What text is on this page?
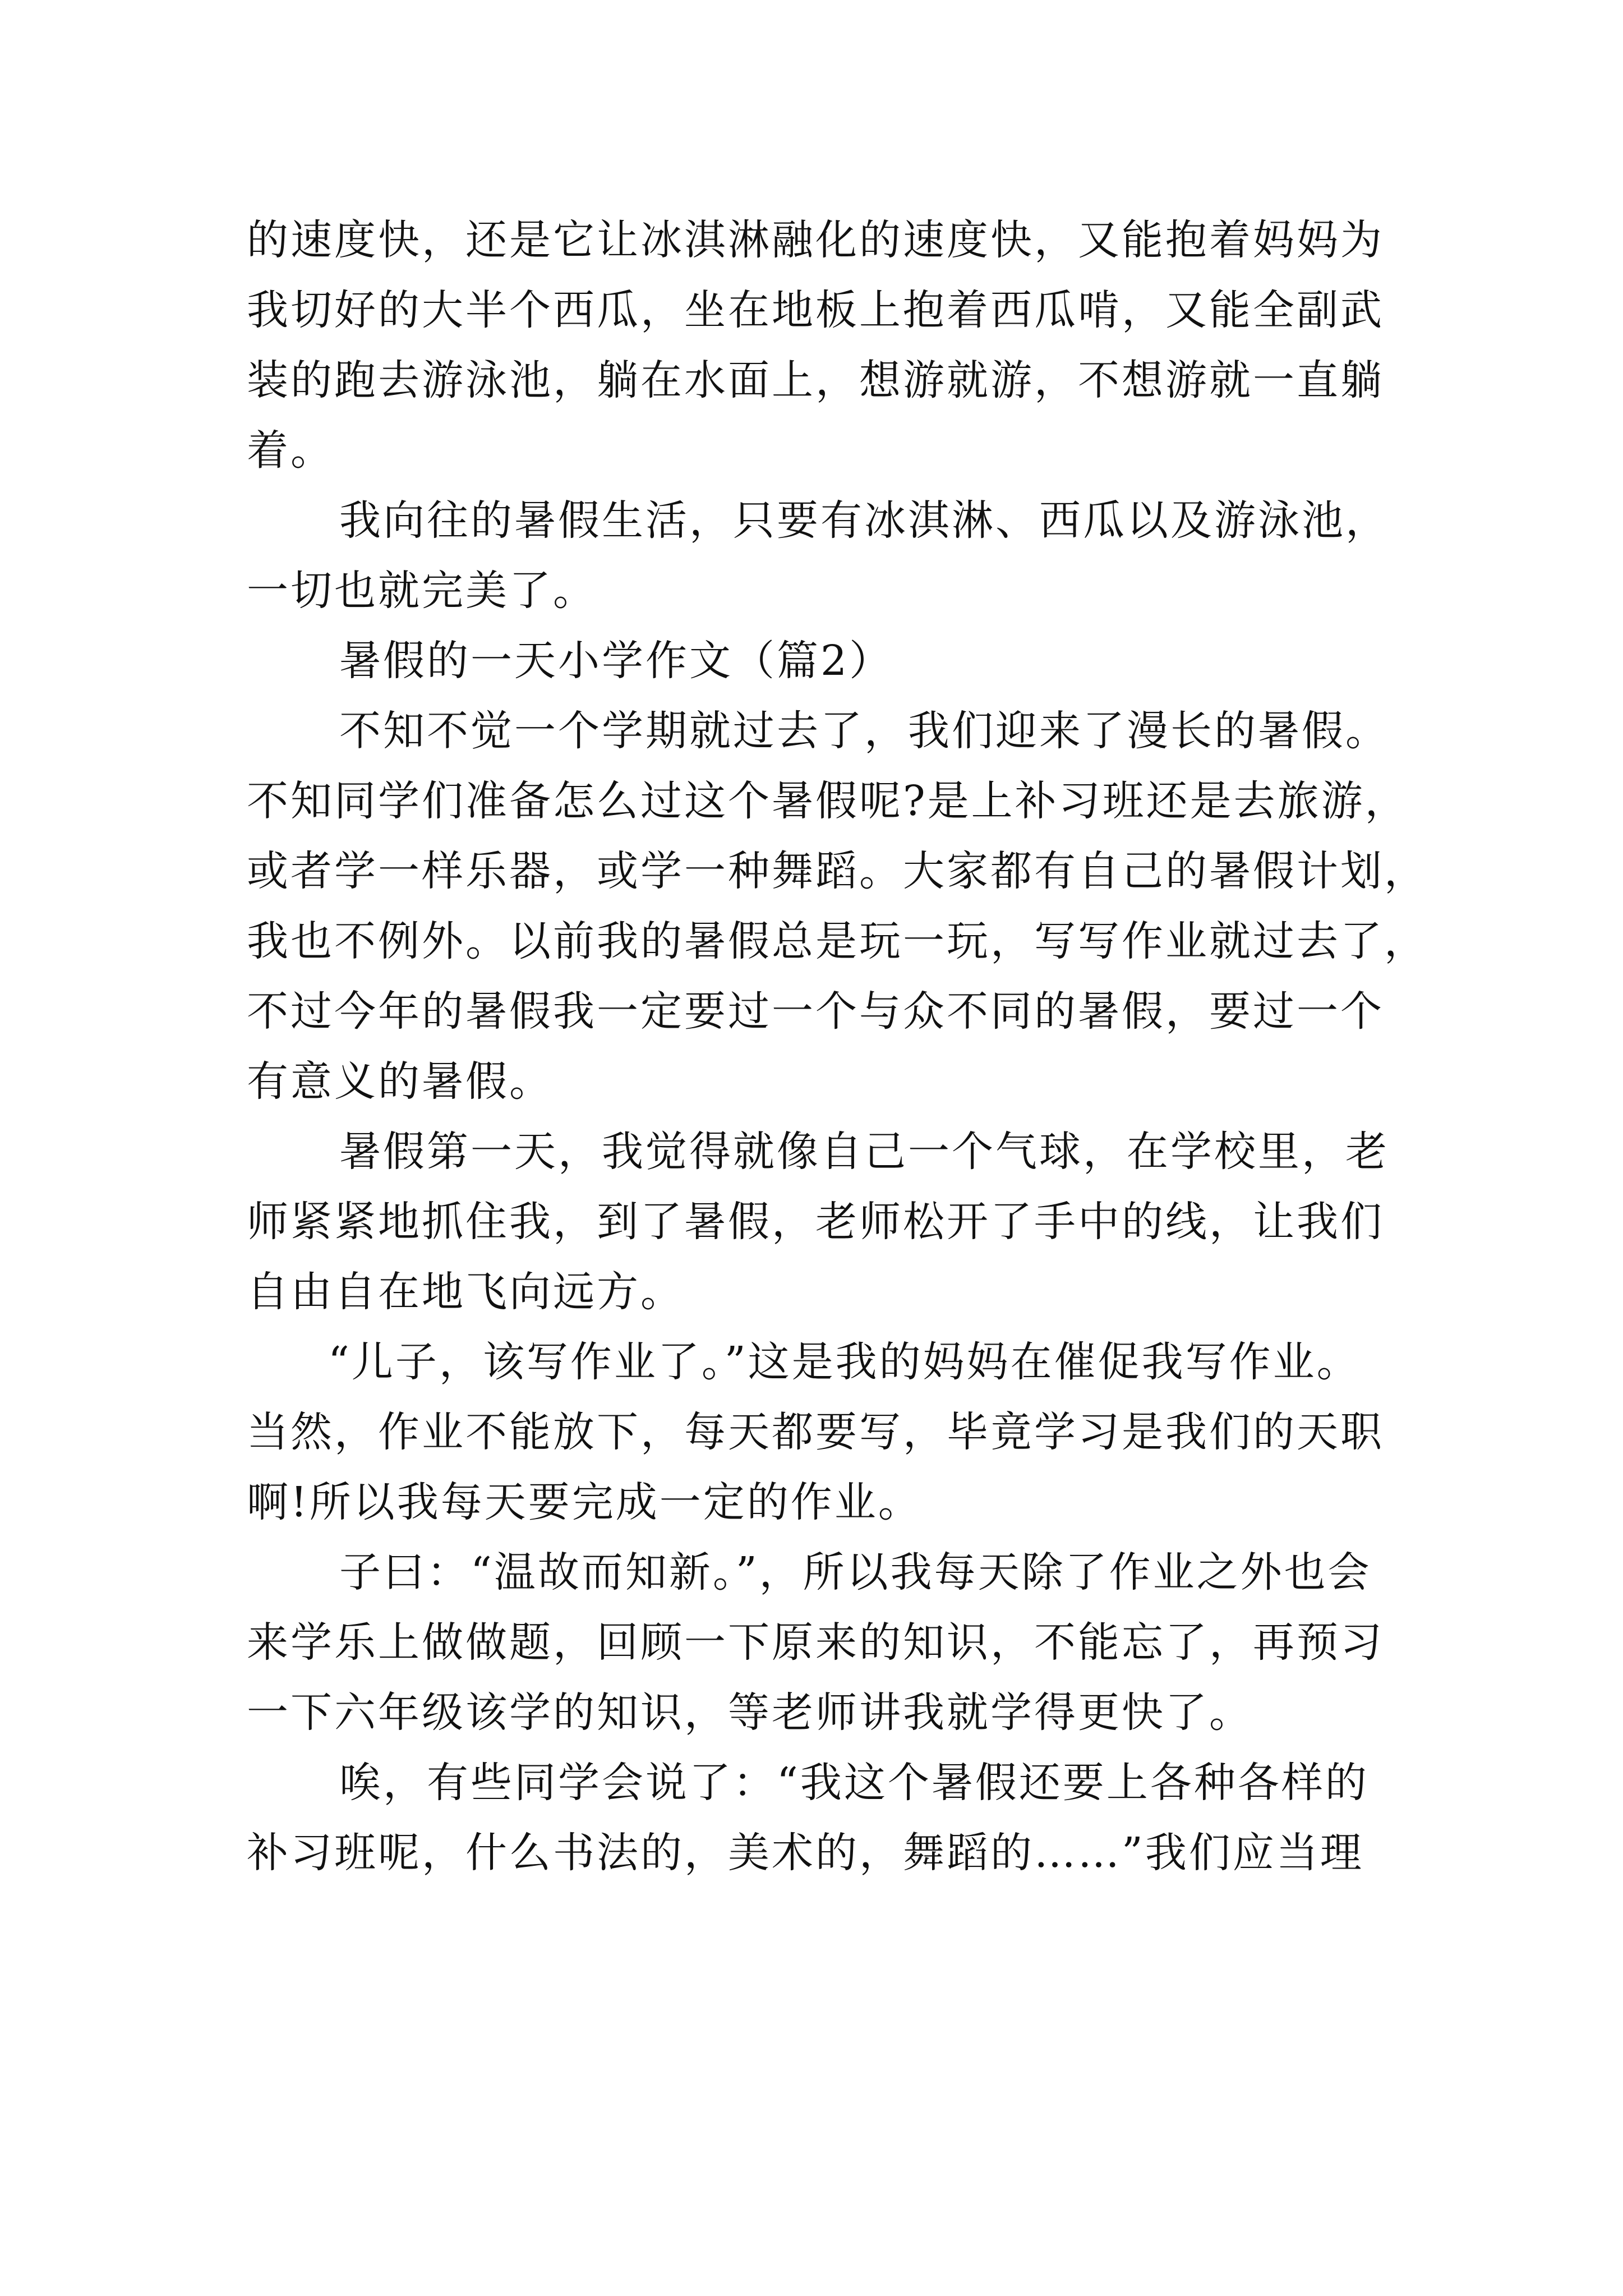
的速度快，还是它让冰淇淋融化的速度快，又能抱着妈妈为
我切好的大半个西瓜，坐在地板上抱着西瓜啃，又能全副武
装的跑去游泳池，躺在水面上，想游就游，不想游就一直躺
着。
我向往的暑假生活，只要有冰淇淋、西瓜以及游泳池，
一切也就完美了。
暑假的一天小学作文（篇2）
不知不觉一个学期就过去了，我们迎来了漫长的暑假。
不知同学们准备怎么过这个暑假呢?是上补习班还是去旅游，
或者学一样乐器，或学一种舞蹈。大家都有自己的暑假计划，
我也不例外。以前我的暑假总是玩一玩，写写作业就过去了，
不过今年的暑假我一定要过一个与众不同的暑假，要过一个
有意义的暑假。
暑假第一天，我觉得就像自己一个气球，在学校里，老
师紧紧地抓住我，到了暑假，老师松开了手中的线，让我们
自由自在地飞向远方。
“儿子，该写作业了。”这是我的妈妈在催促我写作业。
当然，作业不能放下，每天都要写，毕竟学习是我们的天职
啊!所以我每天要完成一定的作业。
子曰：“温故而知新。”，所以我每天除了作业之外也会
来学乐上做做题，回顾一下原来的知识，不能忘了，再预习
一下六年级该学的知识，等老师讲我就学得更快了。
唉，有些同学会说了：“我这个暑假还要上各种各样的
补习班呢，什么书法的，美术的，舞蹈的……”我们应当理
